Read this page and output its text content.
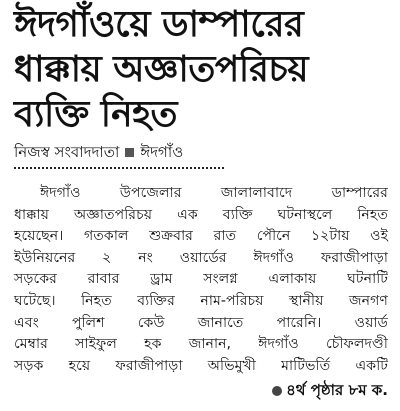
ঈদগাঁওয়ে ডাম্পারের
ধাক্কায় অজ্ঞাতপরিচয়
ব্যক্তি নিহত
নিজস্ব সংবাদদাতা ঈদগাঁও
ঈদগাঁও উপজেলার জালালাবাদে ডাম্পারের
ধাক্কায় অজ্ঞাতপরিচয় এক ব্যক্তি ঘটনাস্থলে নিহত
হয়েছেন। গতকাল শুক্রবার রাত পৌনে ১২টায় ওই
ইউনিয়নের ২ নং ওয়ার্ডের ঈদগাঁও ফরাজীপাড়া
সড়কের রাবার ড্রাম সংলগ্ন এলাকায় ঘটনাটি
ঘটেছে। নিহত ব্যক্তির নাম-পরিচয় স্থানীয় জনগণ
এবং পুলিশ কেউ জানাতে পারেনি। ওয়ার্ড
মেম্বার সাইফুল হক জানান, ঈদগাঁও চৌফলদণ্ডী
সড়ক হয়ে ফরাজীপাড়া অভিমুখী মাটিভর্তি একটি
৪র্থ পৃষ্ঠার ৮ম ক.
